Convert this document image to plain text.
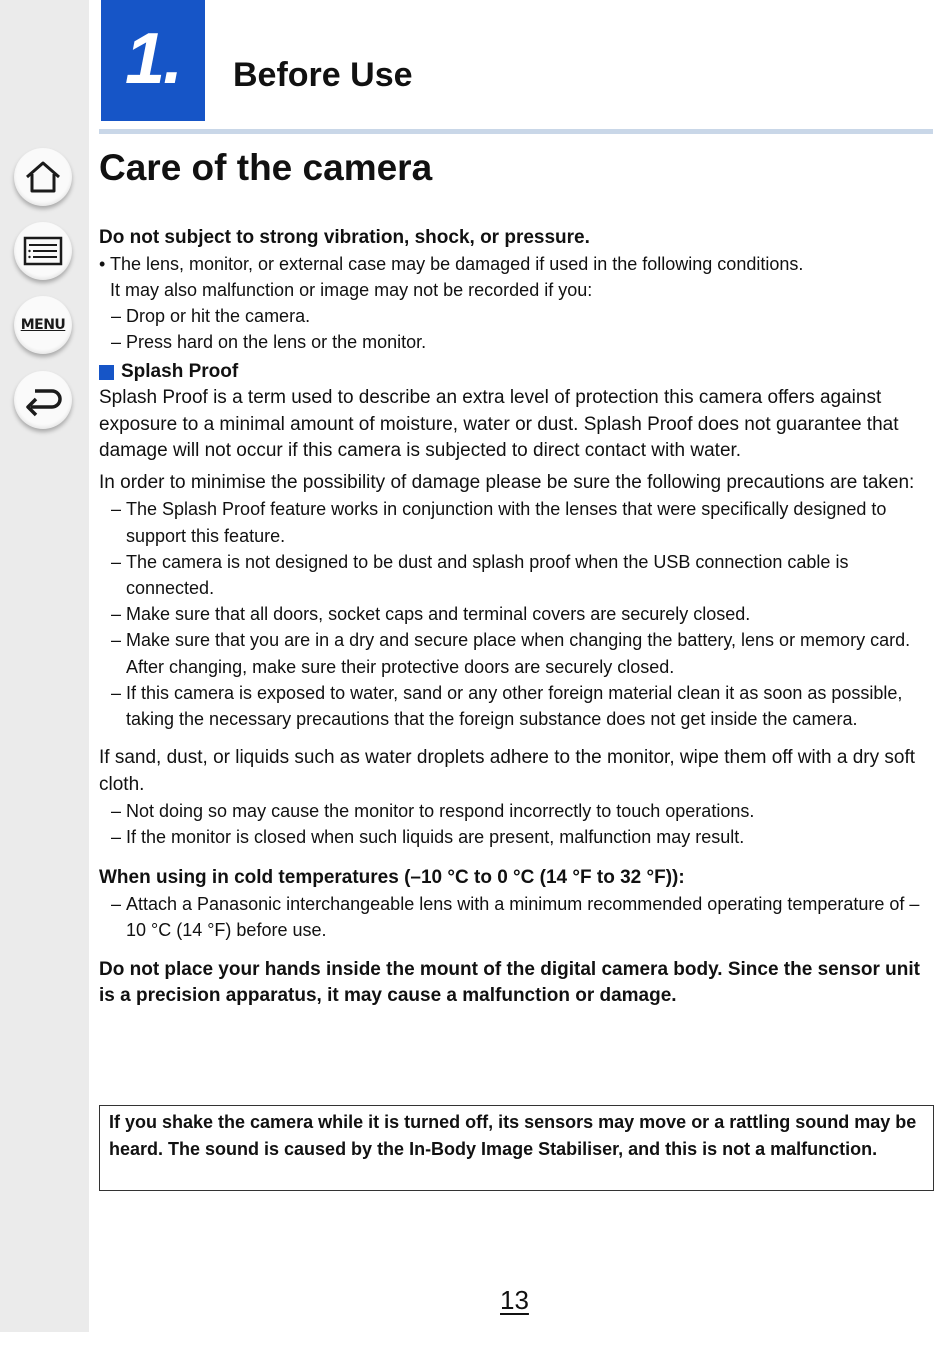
MENU
1. Before Use
Care of the camera
Do not subject to strong vibration, shock, or pressure.
• The lens, monitor, or external case may be damaged if used in the following conditions.
It may also malfunction or image may not be recorded if you:
– Drop or hit the camera.
– Press hard on the lens or the monitor.
Splash Proof
Splash Proof is a term used to describe an extra level of protection this camera offers against exposure to a minimal amount of moisture, water or dust. Splash Proof does not guarantee that damage will not occur if this camera is subjected to direct contact with water.
In order to minimise the possibility of damage please be sure the following precautions are taken:
– The Splash Proof feature works in conjunction with the lenses that were specifically designed to support this feature.
– The camera is not designed to be dust and splash proof when the USB connection cable is connected.
– Make sure that all doors, socket caps and terminal covers are securely closed.
– Make sure that you are in a dry and secure place when changing the battery, lens or memory card. After changing, make sure their protective doors are securely closed.
– If this camera is exposed to water, sand or any other foreign material clean it as soon as possible, taking the necessary precautions that the foreign substance does not get inside the camera.
If sand, dust, or liquids such as water droplets adhere to the monitor, wipe them off with a dry soft cloth.
– Not doing so may cause the monitor to respond incorrectly to touch operations.
– If the monitor is closed when such liquids are present, malfunction may result.
When using in cold temperatures (–10 °C to 0 °C (14 °F to 32 °F)):
– Attach a Panasonic interchangeable lens with a minimum recommended operating temperature of –10 °C (14 °F) before use.
Do not place your hands inside the mount of the digital camera body. Since the sensor unit is a precision apparatus, it may cause a malfunction or damage.
If you shake the camera while it is turned off, its sensors may move or a rattling sound may be heard. The sound is caused by the In-Body Image Stabiliser, and this is not a malfunction.
13
